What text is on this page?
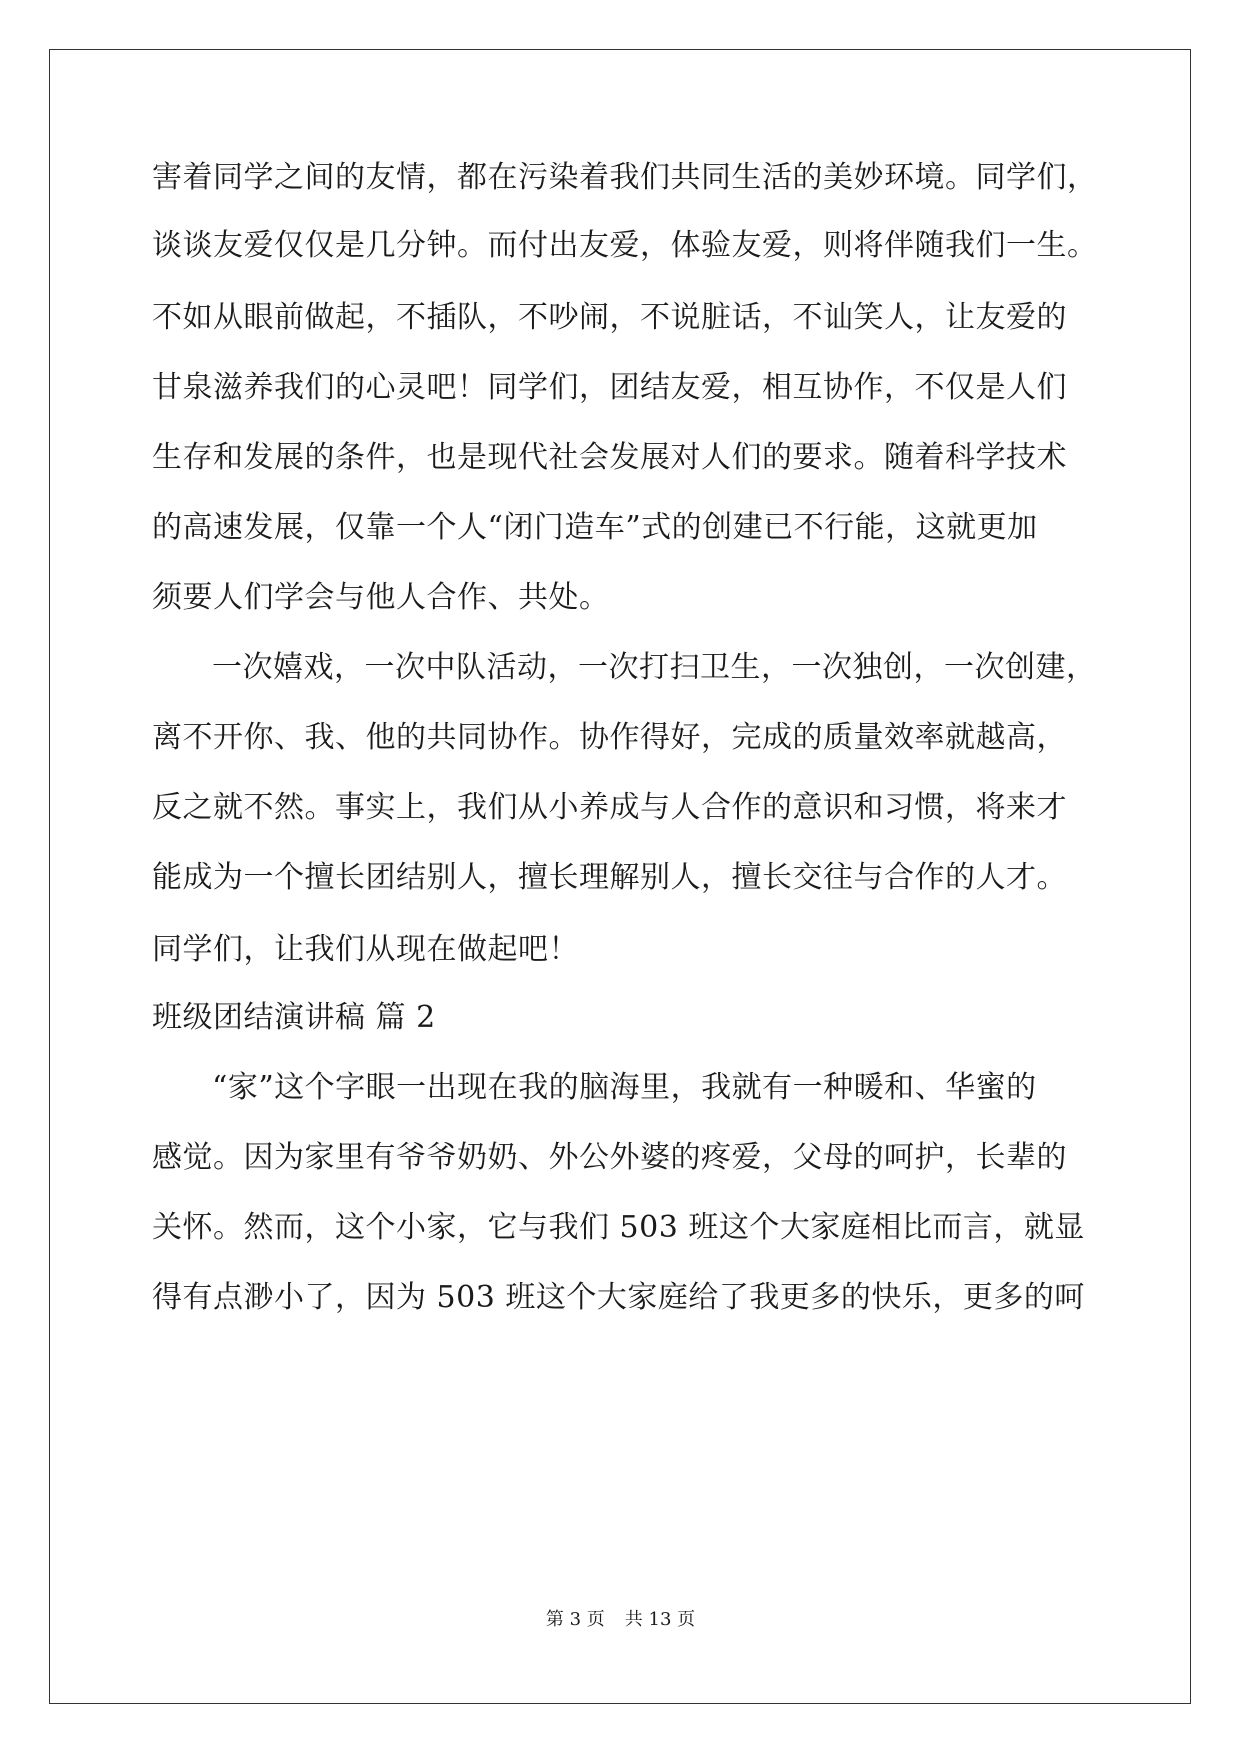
害着同学之间的友情，都在污染着我们共同生活的美妙环境。同学们，
谈谈友爱仅仅是几分钟。而付出友爱，体验友爱，则将伴随我们一生。
不如从眼前做起，不插队，不吵闹，不说脏话，不讪笑人，让友爱的
甘泉滋养我们的心灵吧！同学们，团结友爱，相互协作，不仅是人们
生存和发展的条件，也是现代社会发展对人们的要求。随着科学技术
的高速发展，仅靠一个人“闭门造车”式的创建已不行能，这就更加
须要人们学会与他人合作、共处。
一次嬉戏，一次中队活动，一次打扫卫生，一次独创，一次创建，
离不开你、我、他的共同协作。协作得好，完成的质量效率就越高，
反之就不然。事实上，我们从小养成与人合作的意识和习惯，将来才
能成为一个擅长团结别人，擅长理解别人，擅长交往与合作的人才。
同学们，让我们从现在做起吧！
班级团结演讲稿 篇 2
“家”这个字眼一出现在我的脑海里，我就有一种暖和、华蜜的
感觉。因为家里有爷爷奶奶、外公外婆的疼爱，父母的呵护，长辈的
关怀。然而，这个小家，它与我们 503 班这个大家庭相比而言，就显
得有点渺小了，因为 503 班这个大家庭给了我更多的快乐，更多的呵
第 3 页 共 13 页
